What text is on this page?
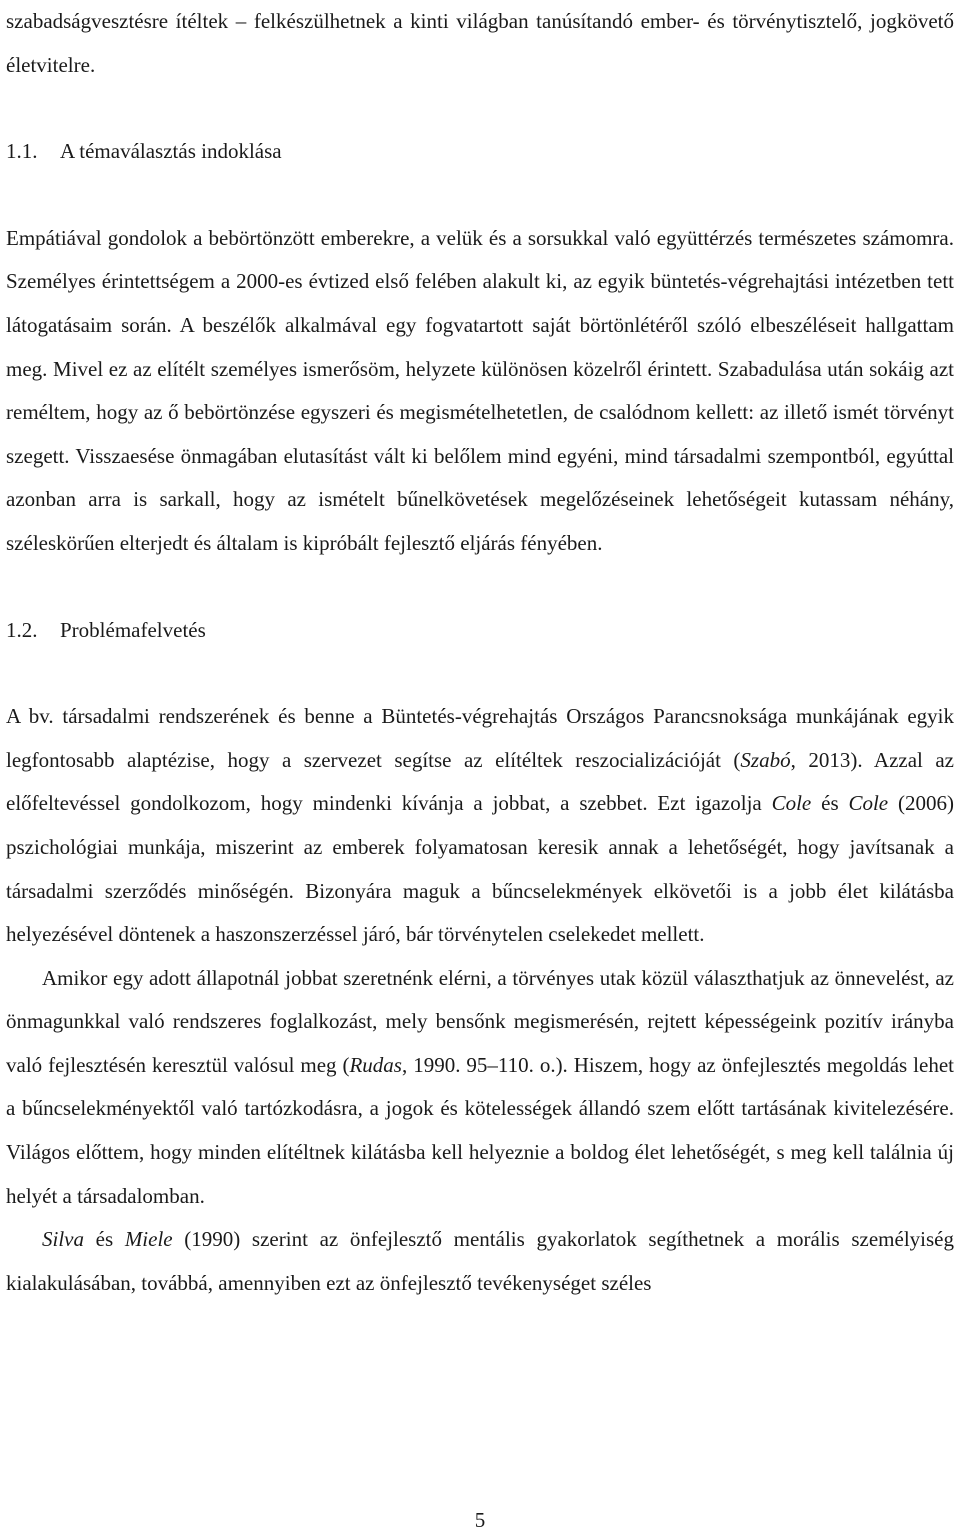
szabadságvesztésre ítéltek – felkészülhetnek a kinti világban tanúsítandó ember- és törvénytisztelő, jogkövető életvitelre.

1.1. A témaválasztás indoklása

Empátiával gondolok a bebörtönzött emberekre, a velük és a sorsukkal való együttérzés természetes számomra. Személyes érintettségem a 2000-es évtized első felében alakult ki, az egyik büntetés-végrehajtási intézetben tett látogatásaim során. A beszélők alkalmával egy fogvatartott saját börtönlétéről szóló elbeszéléseit hallgattam meg. Mivel ez az elítélt személyes ismerősöm, helyzete különösen közelről érintett. Szabadulása után sokáig azt reméltem, hogy az ő bebörtönzése egyszeri és megismételhetetlen, de csalódnom kellett: az illető ismét törvényt szegett. Visszaesése önmagában elutasítást vált ki belőlem mind egyéni, mind társadalmi szempontból, egyúttal azonban arra is sarkall, hogy az ismételt bűnelkövetések megelőzéseinek lehetőségeit kutassam néhány, széleskörűen elterjedt és általam is kipróbált fejlesztő eljárás fényében.

1.2. Problémafelvetés

A bv. társadalmi rendszerének és benne a Büntetés-végrehajtás Országos Parancsnoksága munkájának egyik legfontosabb alaptézise, hogy a szervezet segítse az elítéltek reszocializációját (Szabó, 2013). Azzal az előfeltevéssel gondolkozom, hogy mindenki kívánja a jobbat, a szebbet. Ezt igazolja Cole és Cole (2006) pszichológiai munkája, miszerint az emberek folyamatosan keresik annak a lehetőségét, hogy javítsanak a társadalmi szerződés minőségén. Bizonyára maguk a bűncselekmények elkövetői is a jobb élet kilátásba helyezésével döntenek a haszonszerzéssel járó, bár törvénytelen cselekedet mellett.

Amikor egy adott állapotnál jobbat szeretnénk elérni, a törvényes utak közül választhatjuk az önnevelést, az önmagunkkal való rendszeres foglalkozást, mely bensőnk megismerésén, rejtett képességeink pozitív irányba való fejlesztésén keresztül valósul meg (Rudas, 1990. 95–110. o.). Hiszem, hogy az önfejlesztés megoldás lehet a bűncselekményektől való tartózkodásra, a jogok és kötelességek állandó szem előtt tartásának kivitelezésére. Világos előttem, hogy minden elítéltnek kilátásba kell helyeznie a boldog élet lehetőségét, s meg kell találnia új helyét a társadalomban.

Silva és Miele (1990) szerint az önfejlesztő mentális gyakorlatok segíthetnek a morális személyiség kialakulásában, továbbá, amennyiben ezt az önfejlesztő tevékenységet széles

5
